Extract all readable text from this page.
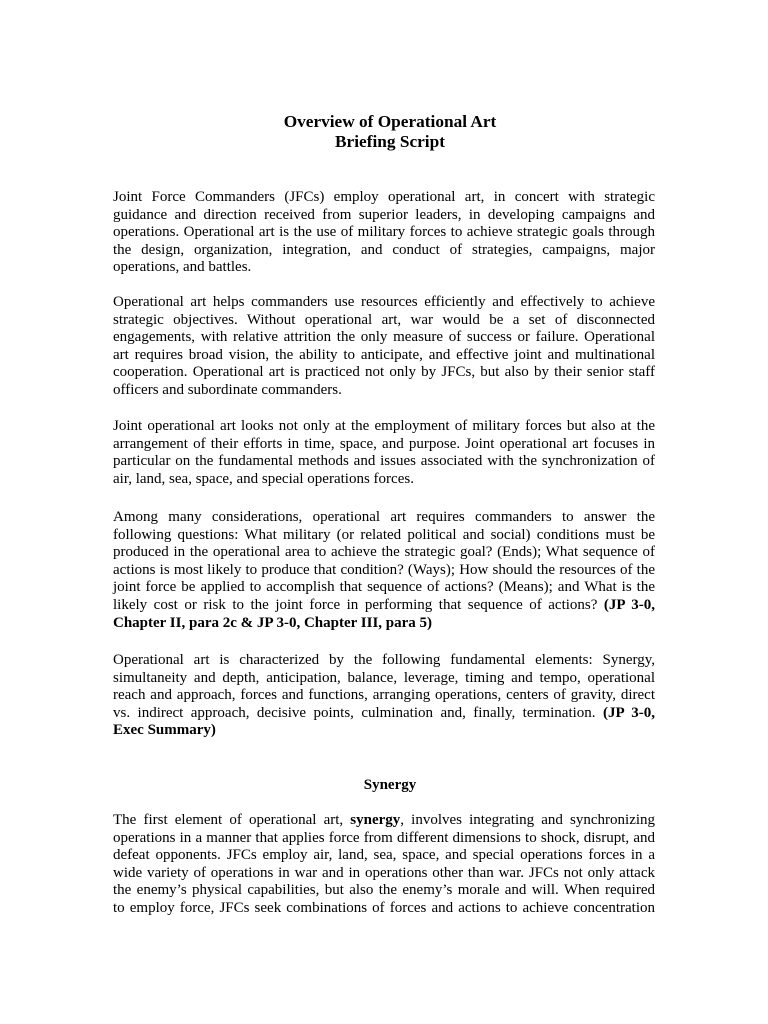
Overview of Operational Art
Briefing Script
Joint Force Commanders (JFCs) employ operational art, in concert with strategic
guidance and direction received from superior leaders, in developing campaigns and
operations. Operational art is the use of military forces to achieve strategic goals through
the design, organization, integration, and conduct of strategies, campaigns, major
operations, and battles.
Operational art helps commanders use resources efficiently and effectively to achieve
strategic objectives. Without operational art, war would be a set of disconnected
engagements, with relative attrition the only measure of success or failure. Operational
art requires broad vision, the ability to anticipate, and effective joint and multinational
cooperation. Operational art is practiced not only by JFCs, but also by their senior staff
officers and subordinate commanders.
Joint operational art looks not only at the employment of military forces but also at the
arrangement of their efforts in time, space, and purpose. Joint operational art focuses in
particular on the fundamental methods and issues associated with the synchronization of
air, land, sea, space, and special operations forces.
Among many considerations, operational art requires commanders to answer the
following questions: What military (or related political and social) conditions must be
produced in the operational area to achieve the strategic goal? (Ends); What sequence of
actions is most likely to produce that condition? (Ways); How should the resources of the
joint force be applied to accomplish that sequence of actions? (Means); and What is the
likely cost or risk to the joint force in performing that sequence of actions? (JP 3-0,
Chapter II, para 2c & JP 3-0, Chapter III, para 5)
Operational art is characterized by the following fundamental elements: Synergy,
simultaneity and depth, anticipation, balance, leverage, timing and tempo, operational
reach and approach, forces and functions, arranging operations, centers of gravity, direct
vs. indirect approach, decisive points, culmination and, finally, termination. (JP 3-0,
Exec Summary)
Synergy
The first element of operational art, synergy, involves integrating and synchronizing
operations in a manner that applies force from different dimensions to shock, disrupt, and
defeat opponents. JFCs employ air, land, sea, space, and special operations forces in a
wide variety of operations in war and in operations other than war. JFCs not only attack
the enemy’s physical capabilities, but also the enemy’s morale and will. When required
to employ force, JFCs seek combinations of forces and actions to achieve concentration
